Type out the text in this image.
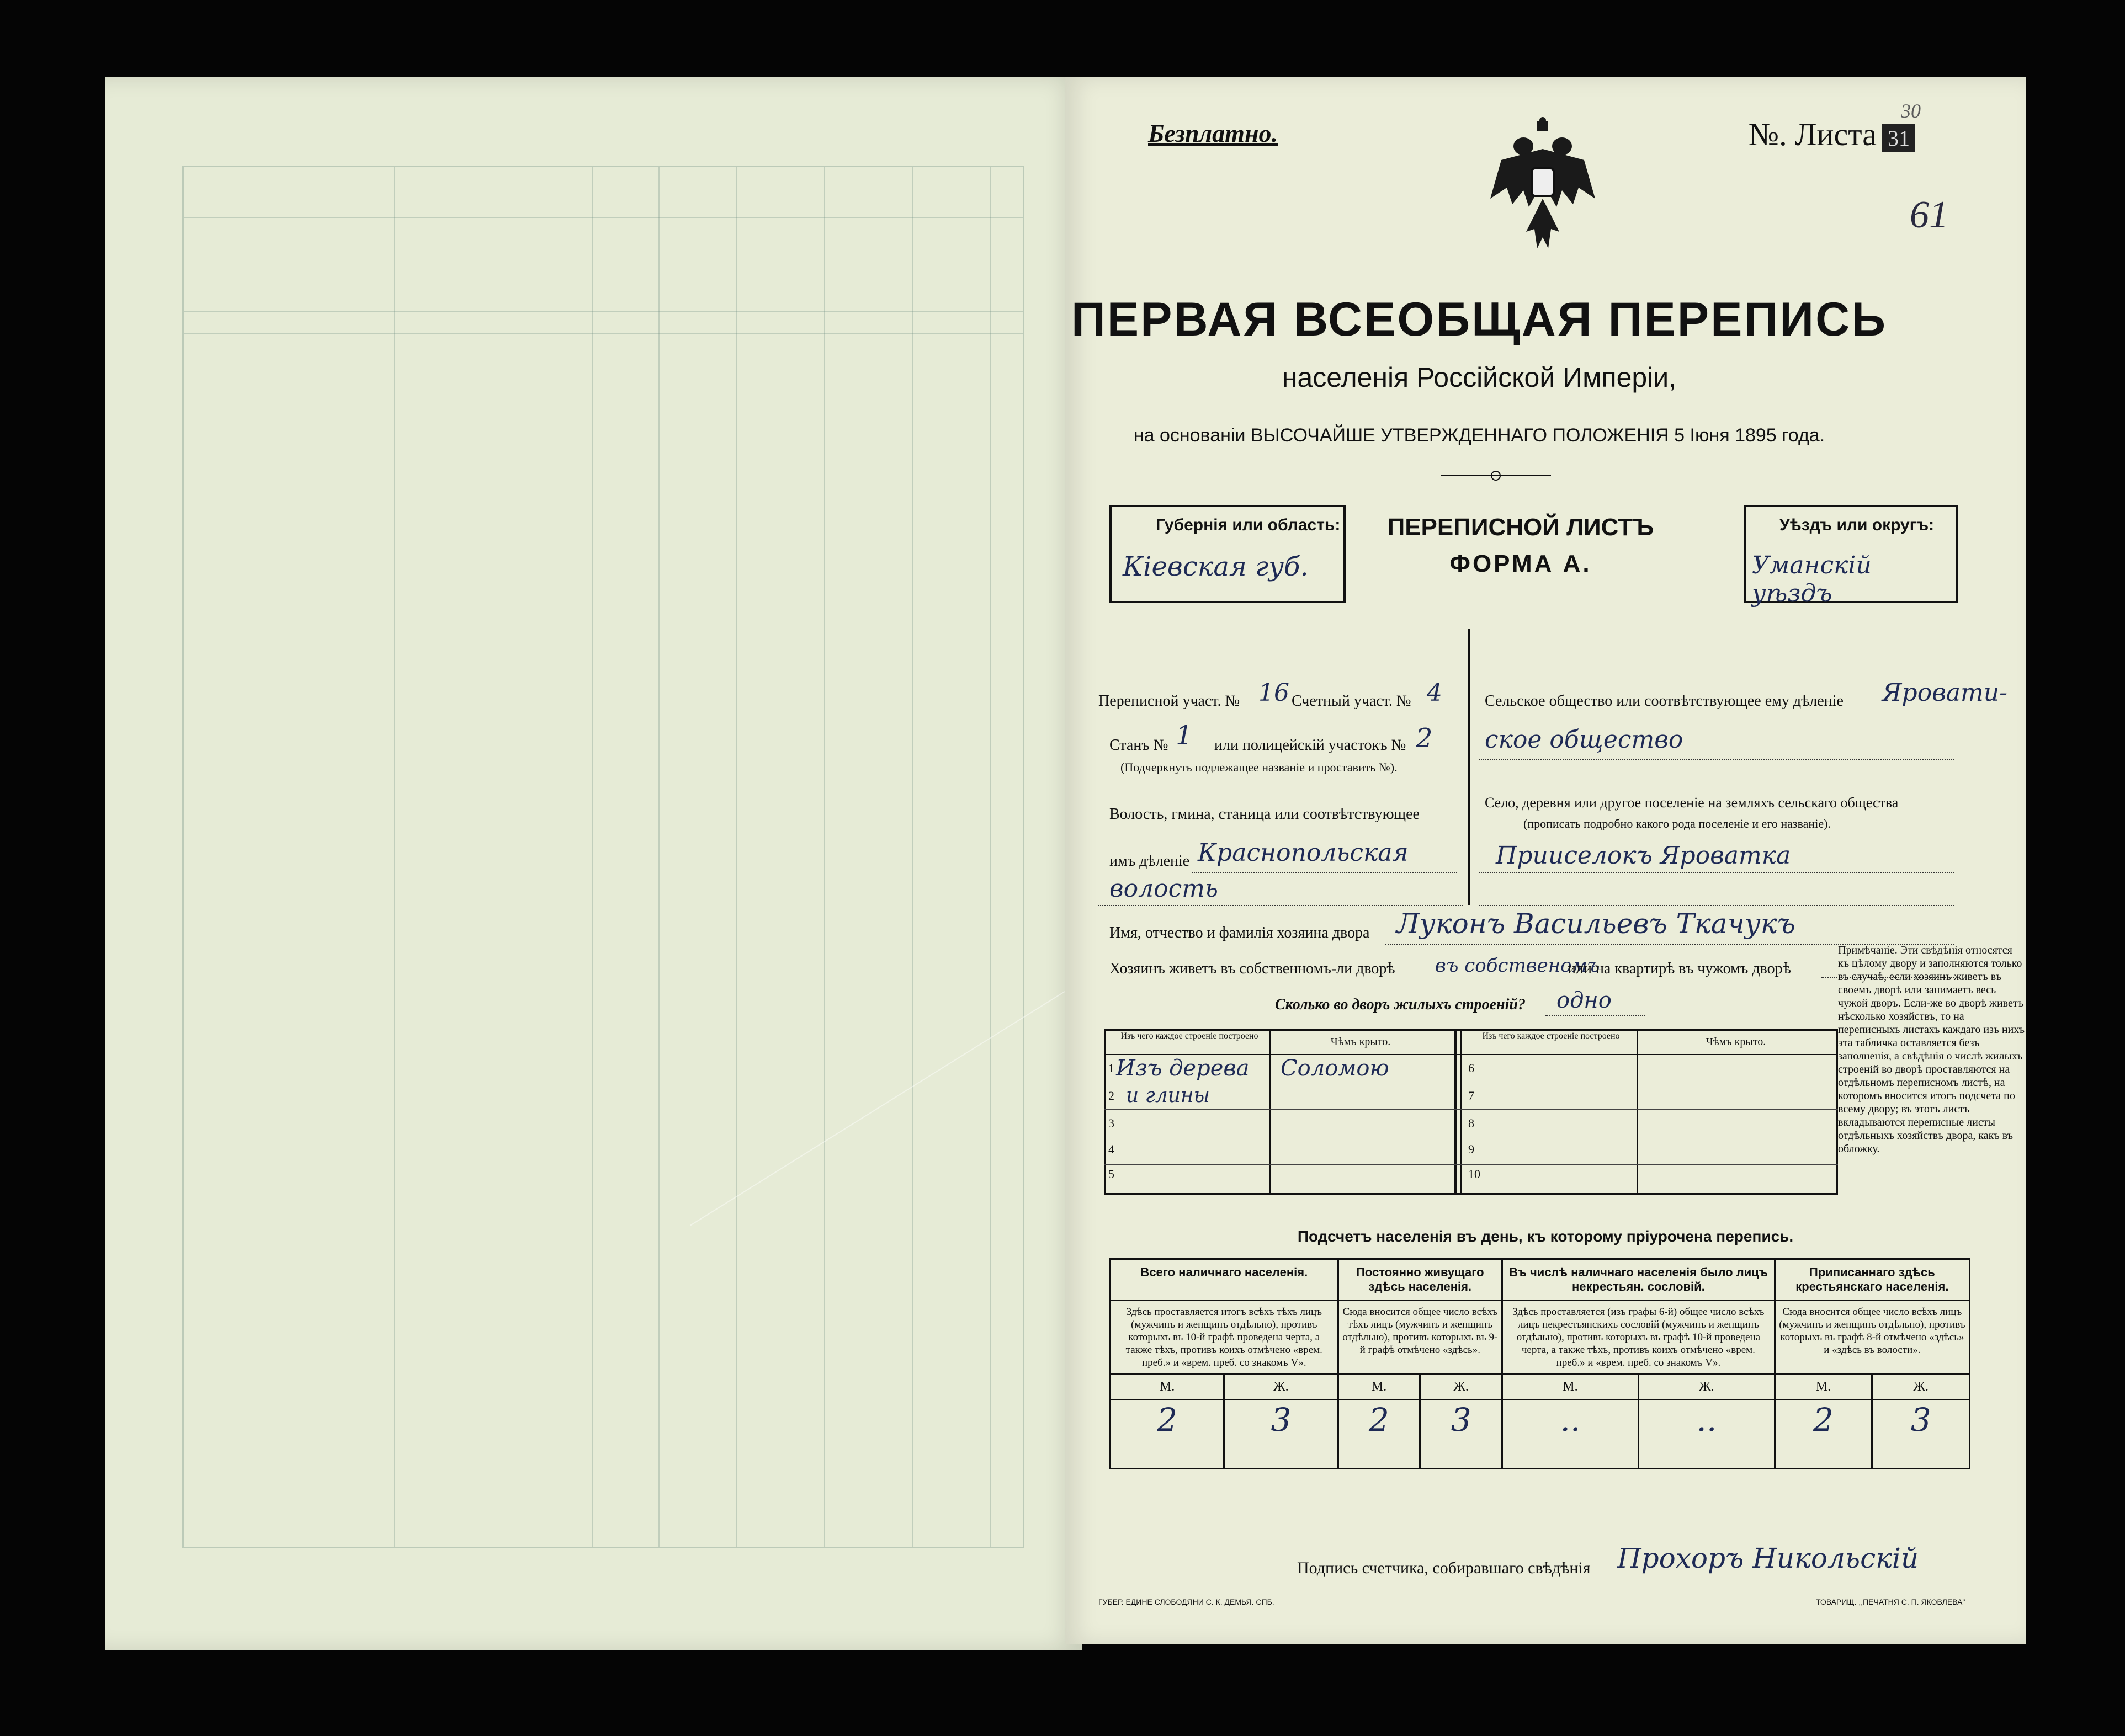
Безплатно.
30
№. Листа 31
61
ПЕРВАЯ ВСЕОБЩАЯ ПЕРЕПИСЬ
населенія Россійской Имперіи,
на основаніи ВЫСОЧАЙШЕ УТВЕРЖДЕННАГО ПОЛОЖЕНІЯ 5 Іюня 1895 года.
Губернія или область:
Кіевская губ.
ПЕРЕПИСНОЙ ЛИСТЪ
ФОРМА А.
Уѣздъ или округъ:
Уманскій уѣздъ
Переписной участ. № 16 Счетный участ. № 4
Станъ № 1 или полицейскій участокъ № 2
(Подчеркнуть подлежащее названіе и проставить №).
Волость, гмина, станица или соотвѣтствующее
имъ дѣленіе Краснопольская
волость
Сельское общество или соотвѣтствующее ему дѣленіе Яровати-
ское общество
Село, деревня или другое поселеніе на земляхъ сельскаго общества
(прописать подробно какого рода поселеніе и его названіе).
Прииселокъ Яроватка
Имя, отчество и фамилія хозяина двора Луконъ Васильевъ Ткачукъ
Хозяинъ живетъ въ собственномъ-ли дворѣ въ собственомъ
или на квартирѣ въ чужомъ дворѣ
Сколько во дворъ жилыхъ строеній? одно
Изъ чего каждое строеніе построено	Чѣмъ крыто.	Изъ чего каждое строеніе построено	Чѣмъ крыто.
1 Изъ дерева Соломою
2 и глины
3
4
5
6
7
8
9
10
Примѣчаніе. Эти свѣдѣнія относятся къ цѣлому двору и заполняются только въ случаѣ, если хозяинъ живетъ въ своемъ дворѣ или занимаетъ весь чужой дворъ. Если-же во дворѣ живетъ нѣсколько хозяйствъ, то на переписныхъ листахъ каждаго изъ нихъ эта табличка оставляется безъ заполненія, а свѣдѣнія о числѣ жилыхъ строеній во дворѣ проставляются на отдѣльномъ переписномъ листѣ, на которомъ вносится итогъ подсчета по всему двору; въ этотъ листъ вкладываются переписные листы отдѣльныхъ хозяйствъ двора, какъ въ обложку.
Подсчетъ населенія въ день, къ которому пріурочена перепись.
Всего наличнаго населенія.		Постоянно живущаго здѣсь населенія.		Въ числѣ наличнаго населенія было лицъ некрестьян. сословій.		Приписаннаго здѣсь крестьянскаго населенія.	
Здѣсь проставляется итогъ всѣхъ тѣхъ лицъ (мужчинъ и женщинъ отдѣльно), противъ которыхъ въ 10-й графѣ проведена черта, а также тѣхъ, противъ коихъ отмѣчено «врем. преб.» и «врем. преб. со знакомъ V».		Сюда вносится общее число всѣхъ тѣхъ лицъ (мужчинъ и женщинъ отдѣльно), противъ которыхъ въ 9-й графѣ отмѣчено «здѣсь».		Здѣсь проставляется (изъ графы 6-й) общее число всѣхъ лицъ некрестьянскихъ сословій (мужчинъ и женщинъ отдѣльно), противъ которыхъ въ графѣ 10-й проведена черта, а также тѣхъ, противъ коихъ отмѣчено «врем. преб.» и «врем. преб. со знакомъ V».		Сюда вносится общее число всѣхъ лицъ (мужчинъ и женщинъ отдѣльно), противъ которыхъ въ графѣ 8-й отмѣчено «здѣсь» и «здѣсь въ волости».	
М.	Ж.	М.	Ж.	М.	Ж.	М.	Ж.
2	3	2	3	..	..	2	3
Подпись счетчика, собиравшаго свѣдѣнія Прохоръ Никольскій
ГУБЕР. ЕДИНЕ СЛОБОДЯНИ С. К. ДЕМЬЯ. СПБ.	ТОВАРИЩ. ,,ПЕЧАТНЯ С. П. ЯКОВЛЕВА"
